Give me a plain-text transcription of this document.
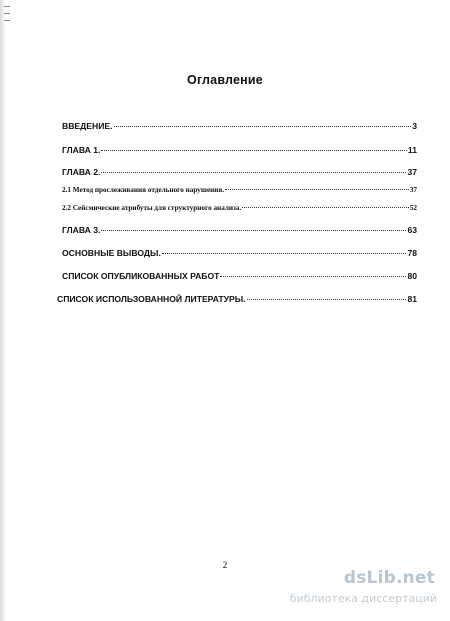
Оглавление
ВВЕДЕНИЕ.	3
ГЛАВА 1.	11
ГЛАВА 2.	37
2.1 Метод прослеживания отдельного нарушения.	37
2.2 Сейсмические атрибуты для структурного анализа.	52
ГЛАВА 3.	63
ОСНОВНЫЕ ВЫВОДЫ.	78
СПИСОК ОПУБЛИКОВАННЫХ РАБОТ	80
СПИСОК ИСПОЛЬЗОВАННОЙ ЛИТЕРАТУРЫ.	81
2
dsLib.net
библиотека диссертаций
